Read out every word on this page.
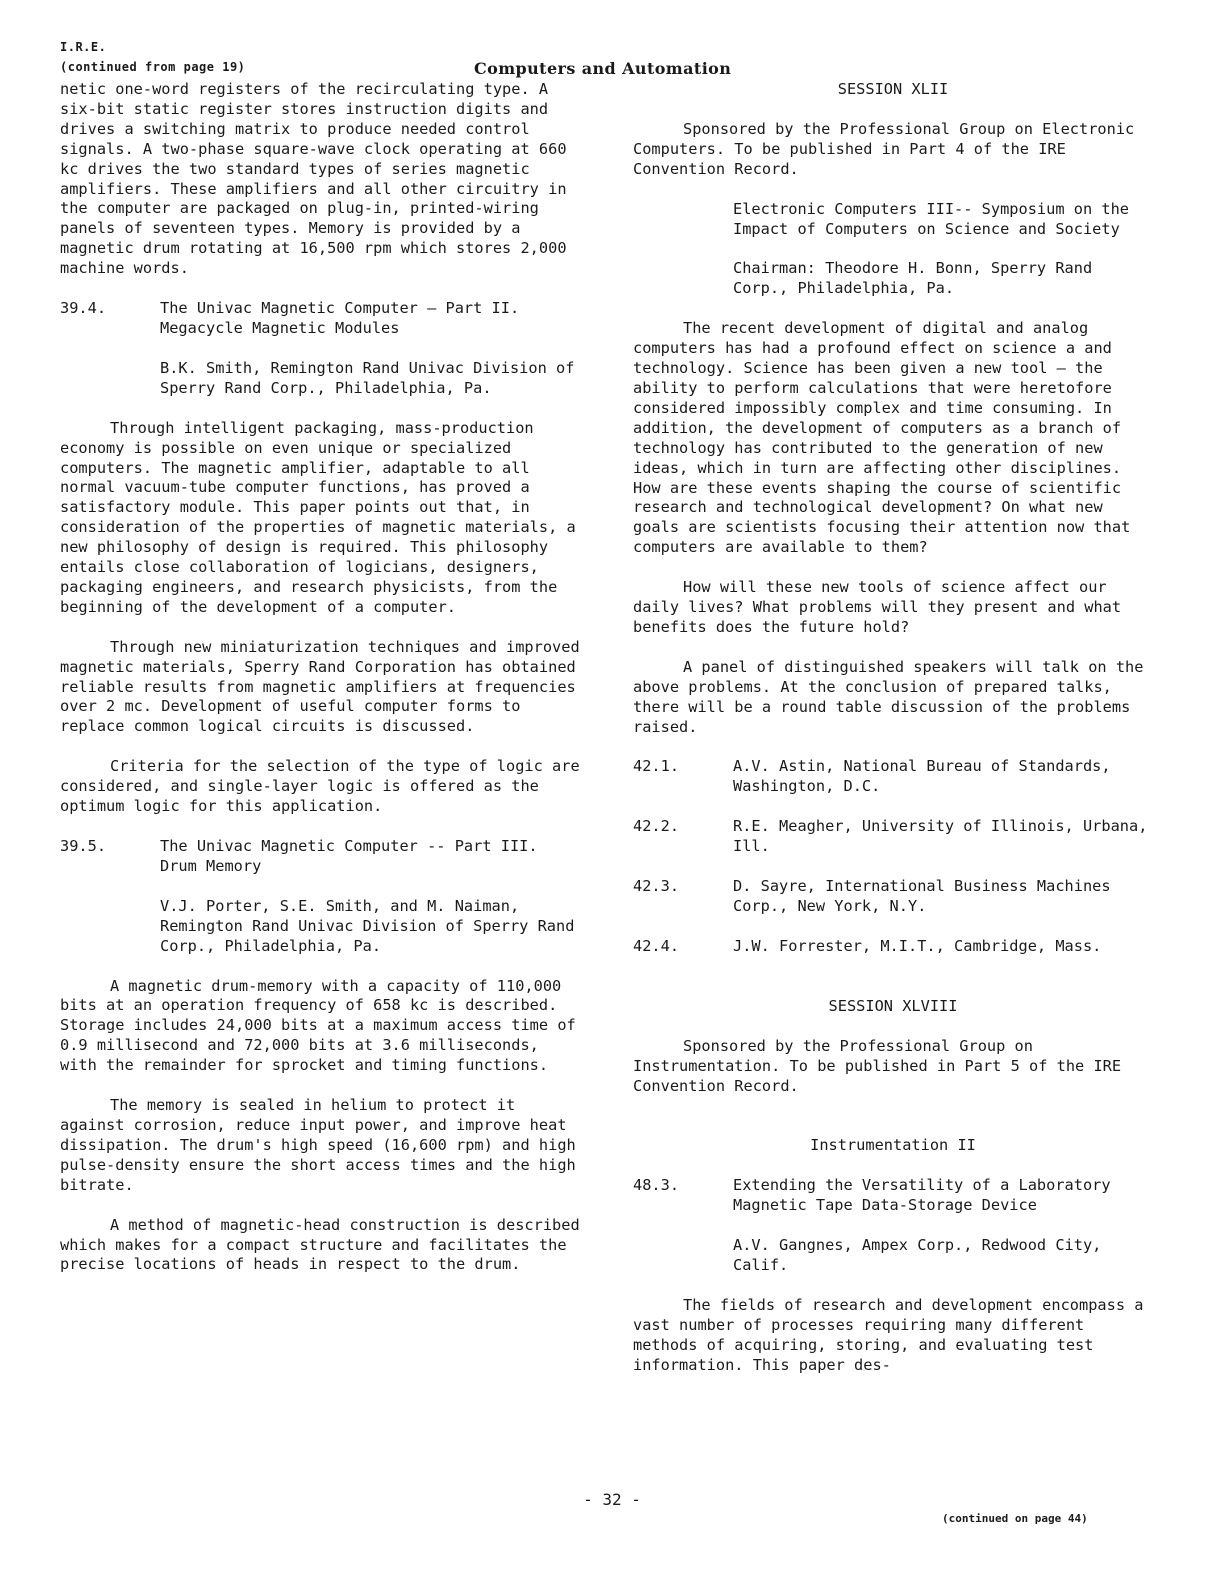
I.R.E.
(continued from page 19)	Computers and Automation

netic one-word registers of the recirculating type. A six-bit static register stores instruction digits and drives a switching matrix to produce needed control signals. A two-phase square-wave clock operating at 660 kc drives the two standard types of series magnetic amplifiers. These amplifiers and all other circuitry in the computer are packaged on plug-in, printed-wiring panels of seventeen types. Memory is provided by a magnetic drum rotating at 16,500 rpm which stores 2,000 machine words.

39.4.	The Univac Magnetic Computer — Part II. Megacycle Magnetic Modules
B.K. Smith, Remington Rand Univac Division of Sperry Rand Corp., Philadelphia, Pa.

Through intelligent packaging, mass-production economy is possible on even unique or specialized computers. The magnetic amplifier, adaptable to all normal vacuum-tube computer functions, has proved a satisfactory module. This paper points out that, in consideration of the properties of magnetic materials, a new philosophy of design is required. This philosophy entails close collaboration of logicians, designers, packaging engineers, and research physicists, from the beginning of the development of a computer.

Through new miniaturization techniques and improved magnetic materials, Sperry Rand Corporation has obtained reliable results from magnetic amplifiers at frequencies over 2 mc. Development of useful computer forms to replace common logical circuits is discussed.

Criteria for the selection of the type of logic are considered, and single-layer logic is offered as the optimum logic for this application.

39.5.	The Univac Magnetic Computer -- Part III. Drum Memory
V.J. Porter, S.E. Smith, and M. Naiman, Remington Rand Univac Division of Sperry Rand Corp., Philadelphia, Pa.

A magnetic drum-memory with a capacity of 110,000 bits at an operation frequency of 658 kc is described. Storage includes 24,000 bits at a maximum access time of 0.9 millisecond and 72,000 bits at 3.6 milliseconds, with the remainder for sprocket and timing functions.

The memory is sealed in helium to protect it against corrosion, reduce input power, and improve heat dissipation. The drum's high speed (16,600 rpm) and high pulse-density ensure the short access times and the high bitrate.

A method of magnetic-head construction is described which makes for a compact structure and facilitates the precise locations of heads in respect to the drum.

SESSION XLII

Sponsored by the Professional Group on Electronic Computers. To be published in Part 4 of the IRE Convention Record.

Electronic Computers III-- Symposium on the Impact of Computers on Science and Society
Chairman: Theodore H. Bonn, Sperry Rand Corp., Philadelphia, Pa.

The recent development of digital and analog computers has had a profound effect on science a and technology. Science has been given a new tool — the ability to perform calculations that were heretofore considered impossibly complex and time consuming. In addition, the development of computers as a branch of technology has contributed to the generation of new ideas, which in turn are affecting other disciplines. How are these events shaping the course of scientific research and technological development? On what new goals are scientists focusing their attention now that computers are available to them?

How will these new tools of science affect our daily lives? What problems will they present and what benefits does the future hold?

A panel of distinguished speakers will talk on the above problems. At the conclusion of prepared talks, there will be a round table discussion of the problems raised.

42.1.	A.V. Astin, National Bureau of Standards, Washington, D.C.
42.2.	R.E. Meagher, University of Illinois, Urbana, Ill.
42.3.	D. Sayre, International Business Machines Corp., New York, N.Y.
42.4.	J.W. Forrester, M.I.T., Cambridge, Mass.
SESSION XLVIII

Sponsored by the Professional Group on Instrumentation. To be published in Part 5 of the IRE Convention Record.

Instrumentation II
48.3.	Extending the Versatility of a Laboratory Magnetic Tape Data-Storage Device
A.V. Gangnes, Ampex Corp., Redwood City, Calif.

The fields of research and development encompass a vast number of processes requiring many different methods of acquiring, storing, and evaluating test information. This paper des-

- 32 -
(continued on page 44)
